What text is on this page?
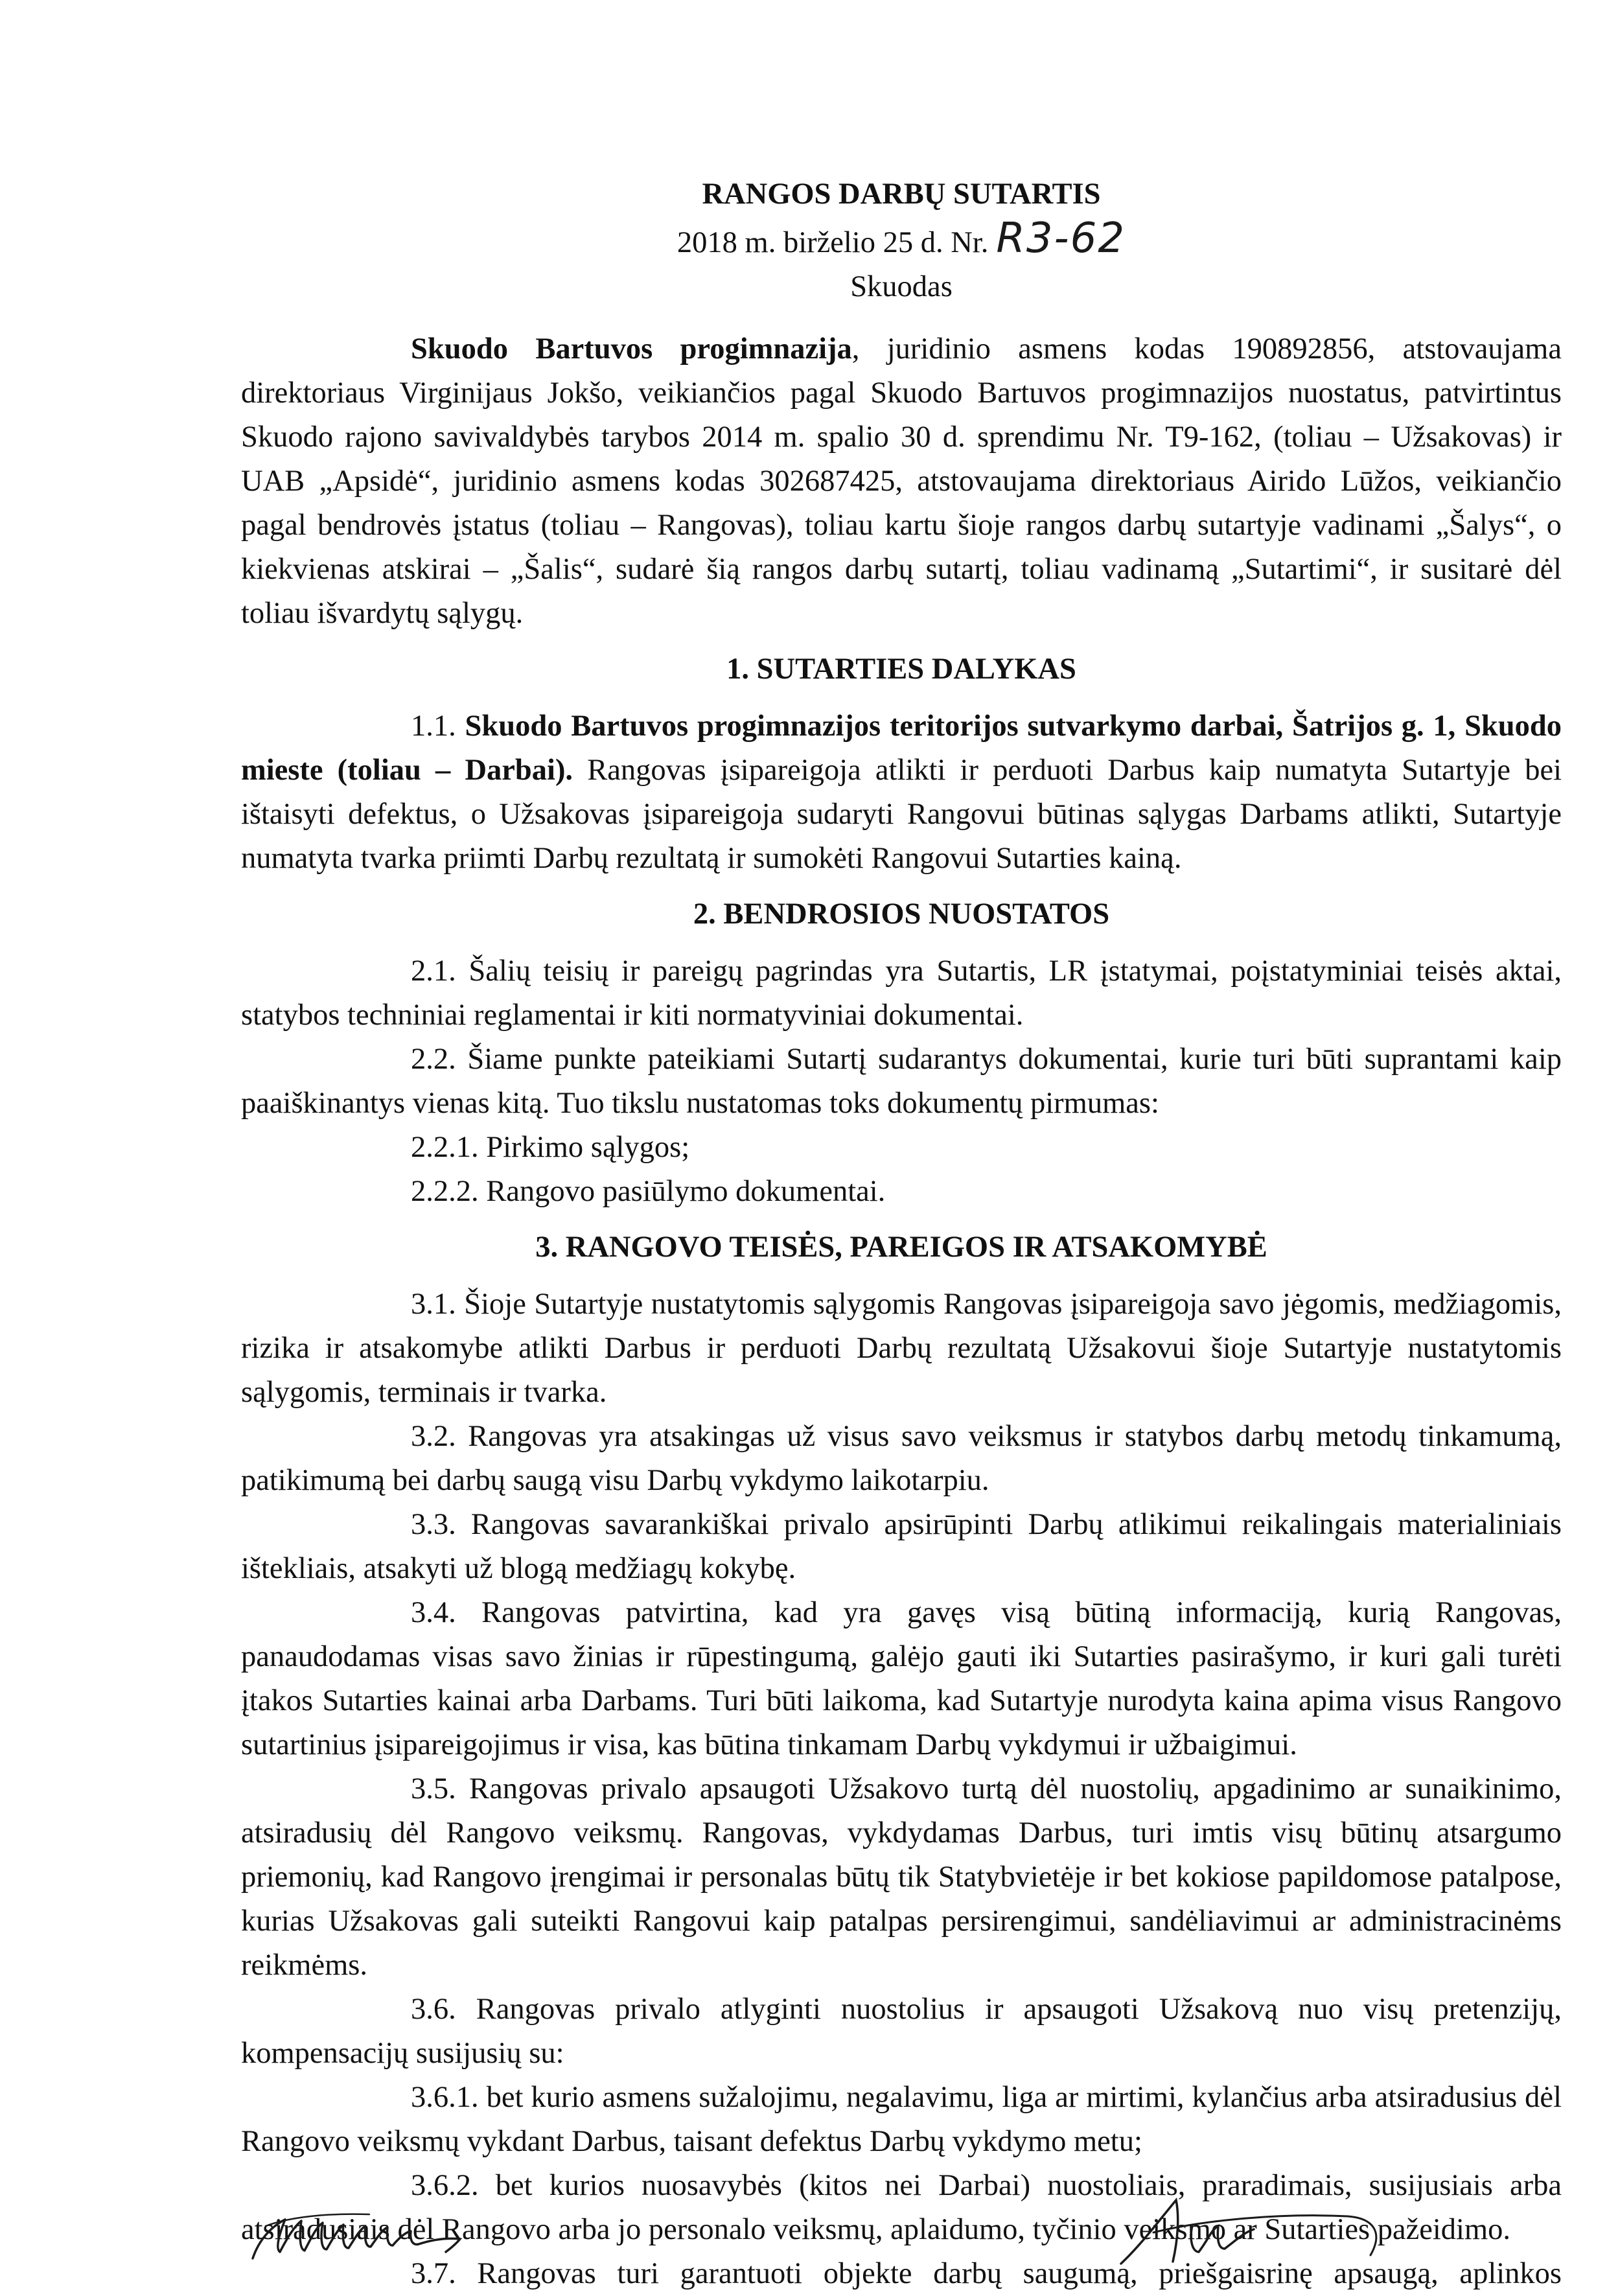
RANGOS DARBŲ SUTARTIS
2018 m. birželio 25 d. Nr. R3-62
Skuodas

Skuodo Bartuvos progimnazija, juridinio asmens kodas 190892856, atstovaujama direktoriaus Virginijaus Jokšo, veikiančios pagal Skuodo Bartuvos progimnazijos nuostatus, patvirtintus Skuodo rajono savivaldybės tarybos 2014 m. spalio 30 d. sprendimu Nr. T9-162, (toliau – Užsakovas) ir UAB „Apsidė“, juridinio asmens kodas 302687425, atstovaujama direktoriaus Airido Lūžos, veikiančio pagal bendrovės įstatus (toliau – Rangovas), toliau kartu šioje rangos darbų sutartyje vadinami „Šalys“, o kiekvienas atskirai – „Šalis“, sudarė šią rangos darbų sutartį, toliau vadinamą „Sutartimi“, ir susitarė dėl toliau išvardytų sąlygų.

1. SUTARTIES DALYKAS

1.1. Skuodo Bartuvos progimnazijos teritorijos sutvarkymo darbai, Šatrijos g. 1, Skuodo mieste (toliau – Darbai). Rangovas įsipareigoja atlikti ir perduoti Darbus kaip numatyta Sutartyje bei ištaisyti defektus, o Užsakovas įsipareigoja sudaryti Rangovui būtinas sąlygas Darbams atlikti, Sutartyje numatyta tvarka priimti Darbų rezultatą ir sumokėti Rangovui Sutarties kainą.

2. BENDROSIOS NUOSTATOS

2.1. Šalių teisių ir pareigų pagrindas yra Sutartis, LR įstatymai, poįstatyminiai teisės aktai, statybos techniniai reglamentai ir kiti normatyviniai dokumentai.

2.2. Šiame punkte pateikiami Sutartį sudarantys dokumentai, kurie turi būti suprantami kaip paaiškinantys vienas kitą. Tuo tikslu nustatomas toks dokumentų pirmumas:

2.2.1. Pirkimo sąlygos;

2.2.2. Rangovo pasiūlymo dokumentai.

3. RANGOVO TEISĖS, PAREIGOS IR ATSAKOMYBĖ

3.1. Šioje Sutartyje nustatytomis sąlygomis Rangovas įsipareigoja savo jėgomis, medžiagomis, rizika ir atsakomybe atlikti Darbus ir perduoti Darbų rezultatą Užsakovui šioje Sutartyje nustatytomis sąlygomis, terminais ir tvarka.

3.2. Rangovas yra atsakingas už visus savo veiksmus ir statybos darbų metodų tinkamumą, patikimumą bei darbų saugą visu Darbų vykdymo laikotarpiu.

3.3. Rangovas savarankiškai privalo apsirūpinti Darbų atlikimui reikalingais materialiniais ištekliais, atsakyti už blogą medžiagų kokybę.

3.4. Rangovas patvirtina, kad yra gavęs visą būtiną informaciją, kurią Rangovas, panaudodamas visas savo žinias ir rūpestingumą, galėjo gauti iki Sutarties pasirašymo, ir kuri gali turėti įtakos Sutarties kainai arba Darbams. Turi būti laikoma, kad Sutartyje nurodyta kaina apima visus Rangovo sutartinius įsipareigojimus ir visa, kas būtina tinkamam Darbų vykdymui ir užbaigimui.

3.5. Rangovas privalo apsaugoti Užsakovo turtą dėl nuostolių, apgadinimo ar sunaikinimo, atsiradusių dėl Rangovo veiksmų. Rangovas, vykdydamas Darbus, turi imtis visų būtinų atsargumo priemonių, kad Rangovo įrengimai ir personalas būtų tik Statybvietėje ir bet kokiose papildomose patalpose, kurias Užsakovas gali suteikti Rangovui kaip patalpas persirengimui, sandėliavimui ar administracinėms reikmėms.

3.6. Rangovas privalo atlyginti nuostolius ir apsaugoti Užsakovą nuo visų pretenzijų, kompensacijų susijusių su:

3.6.1. bet kurio asmens sužalojimu, negalavimu, liga ar mirtimi, kylančius arba atsiradusius dėl Rangovo veiksmų vykdant Darbus, taisant defektus Darbų vykdymo metu;

3.6.2. bet kurios nuosavybės (kitos nei Darbai) nuostoliais, praradimais, susijusiais arba atsiradusiais dėl Rangovo arba jo personalo veiksmų, aplaidumo, tyčinio veiksmo ar Sutarties pažeidimo.

3.7. Rangovas turi garantuoti objekte darbų saugumą, priešgaisrinę apsaugą, aplinkos
